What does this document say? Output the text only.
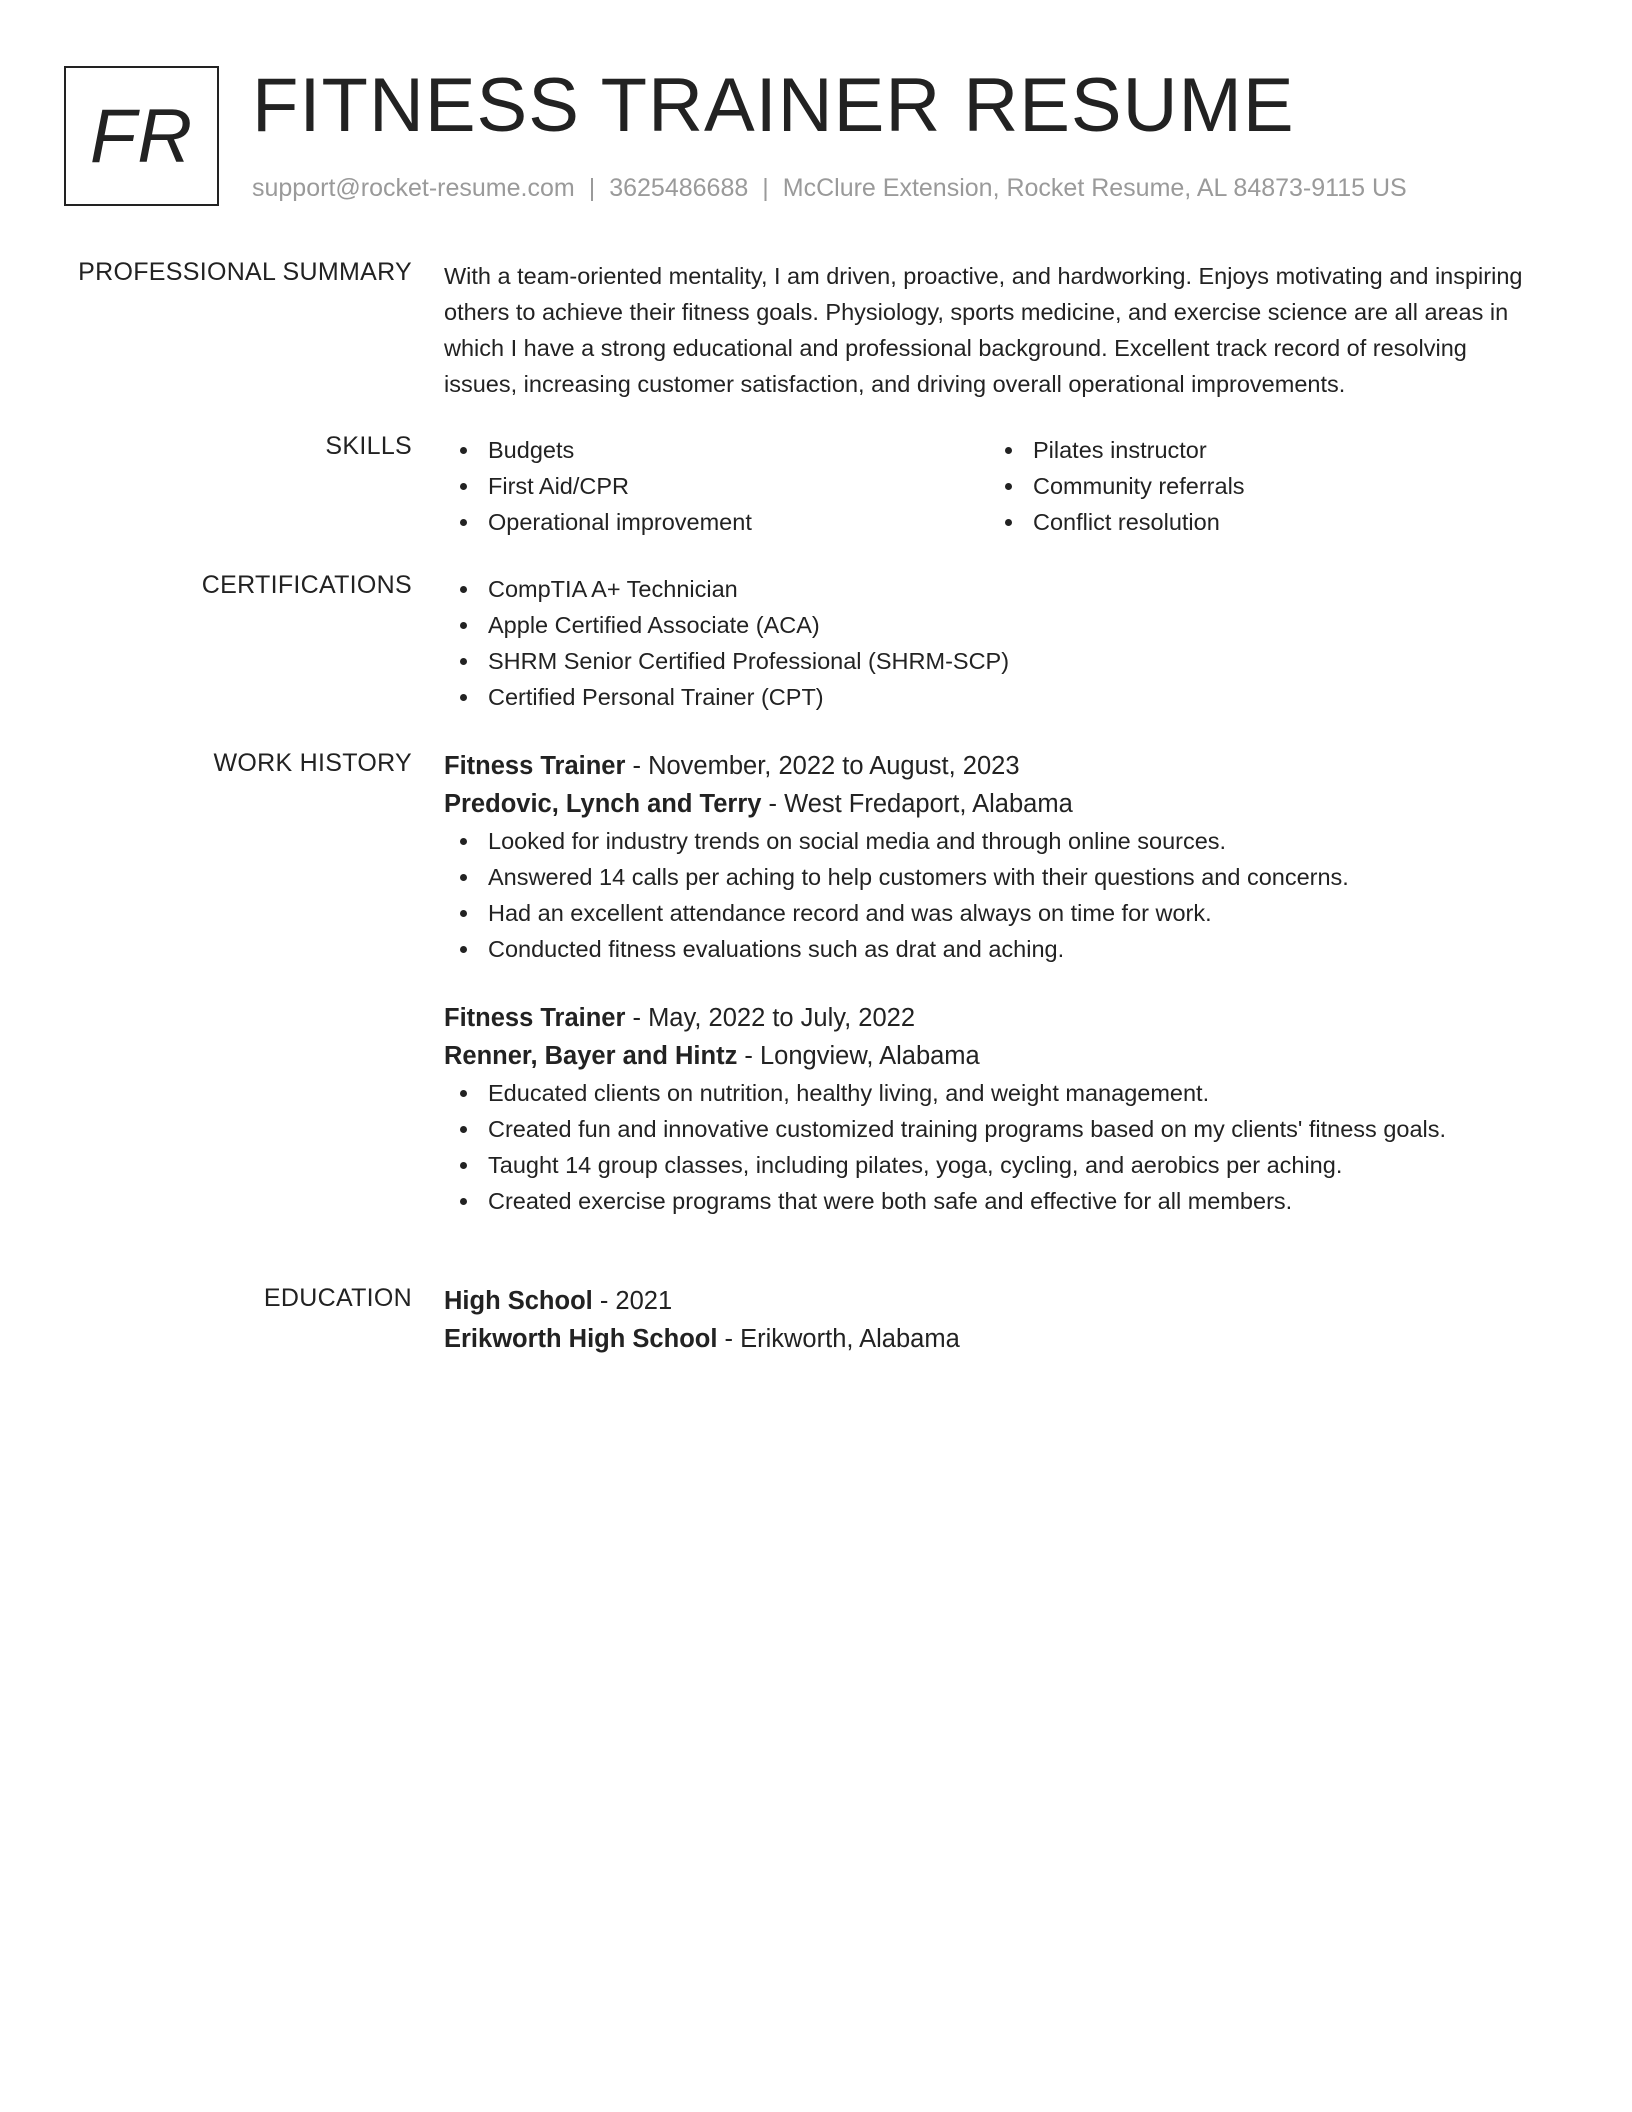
FR FITNESS TRAINER RESUME
support@rocket-resume.com | 3625486688 | McClure Extension, Rocket Resume, AL 84873-9115 US
PROFESSIONAL SUMMARY With a team-oriented mentality, I am driven, proactive, and hardworking. Enjoys motivating and inspiring others to achieve their fitness goals. Physiology, sports medicine, and exercise science are all areas in which I have a strong educational and professional background. Excellent track record of resolving issues, increasing customer satisfaction, and driving overall operational improvements.

SKILLS	Budgets
First Aid/CPR
Operational improvement
Pilates instructor
Community referrals
Conflict resolution
CERTIFICATIONS	CompTIA A+ Technician
Apple Certified Associate (ACA)
SHRM Senior Certified Professional (SHRM-SCP)
Certified Personal Trainer (CPT)
WORK HISTORY Fitness Trainer - November, 2022 to August, 2023
Predovic, Lynch and Terry - West Fredaport, Alabama
Looked for industry trends on social media and through online sources.
Answered 14 calls per aching to help customers with their questions and concerns.
Had an excellent attendance record and was always on time for work.
Conducted fitness evaluations such as drat and aching.
Fitness Trainer - May, 2022 to July, 2022
Renner, Bayer and Hintz - Longview, Alabama
Educated clients on nutrition, healthy living, and weight management.
Created fun and innovative customized training programs based on my clients' fitness goals.
Taught 14 group classes, including pilates, yoga, cycling, and aerobics per aching.
Created exercise programs that were both safe and effective for all members.
EDUCATION High School - 2021
Erikworth High School - Erikworth, Alabama
